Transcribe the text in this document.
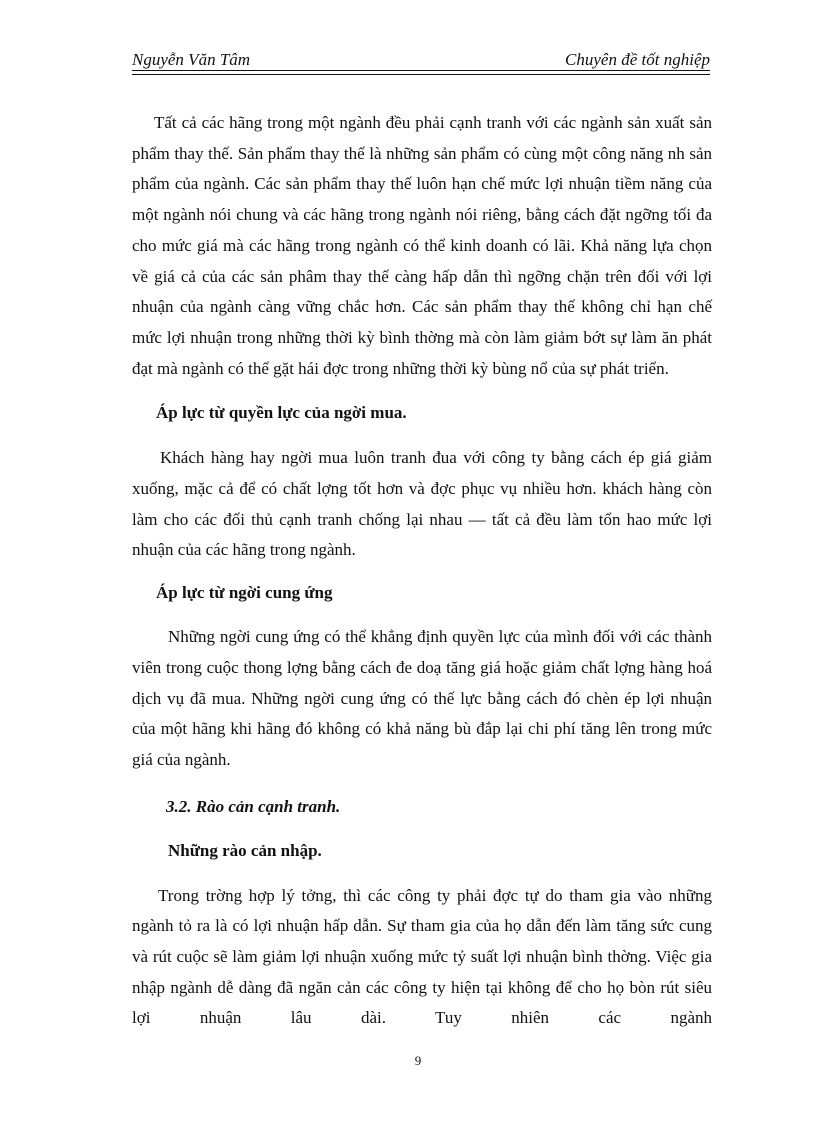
Nguyễn Văn Tâm	Chuyên đề tốt nghiệp

Tất cả các hãng trong một ngành đều phải cạnh tranh với các ngành sản xuất sản phẩm thay thế. Sản phẩm thay thế là những sản phẩm có cùng một công năng nh sản phẩm của ngành. Các sản phẩm thay thế luôn hạn chế mức lợi nhuận tiềm năng của một ngành nói chung và các hãng trong ngành nói riêng, bằng cách đặt ngỡng tối đa cho mức giá mà các hãng trong ngành có thể kinh doanh có lãi. Khả năng lựa chọn về giá cả của các sản phâm thay thế càng hấp dẫn thì ngỡng chặn trên đối với lợi nhuận của ngành càng vững chắc hơn. Các sản phẩm thay thế không chỉ hạn chế mức lợi nhuận trong những thời kỳ bình thờng mà còn làm giảm bớt sự làm ăn phát đạt mà ngành có thể gặt hái đợc trong những thời kỳ bùng nổ của sự phát triển.

Áp lực từ quyền lực của ngời mua.

Khách hàng hay ngời mua luôn tranh đua với công ty bằng cách ép giá giảm xuống, mặc cả để có chất lợng tốt hơn và đợc phục vụ nhiều hơn. khách hàng còn làm cho các đối thủ cạnh tranh chống lại nhau — tất cả đều làm tổn hao mức lợi nhuận của các hãng trong ngành.

Áp lực từ ngời cung ứng

Những ngời cung ứng có thể khẳng định quyền lực của mình đối với các thành viên trong cuộc thong lợng bằng cách đe doạ tăng giá hoặc giảm chất lợng hàng hoá dịch vụ đã mua. Những ngời cung ứng có thế lực bằng cách đó chèn ép lợi nhuận của một hãng khi hãng đó không có khả năng bù đắp lại chi phí tăng lên trong mức giá của ngành.

3.2. Rào cản cạnh tranh.

Những rào cản nhập.

Trong trờng hợp lý tởng, thì các công ty phải đợc tự do tham gia vào những ngành tỏ ra là có lợi nhuận hấp dẫn. Sự tham gia của họ dẫn đến làm tăng sức cung và rút cuộc sẽ làm giảm lợi nhuận xuống mức tỷ suất lợi nhuận bình thờng. Việc gia nhập ngành dễ dàng đã ngăn cản các công ty hiện tại không để cho họ bòn rút siêu lợi nhuận lâu dài. Tuy nhiên các ngành

9
